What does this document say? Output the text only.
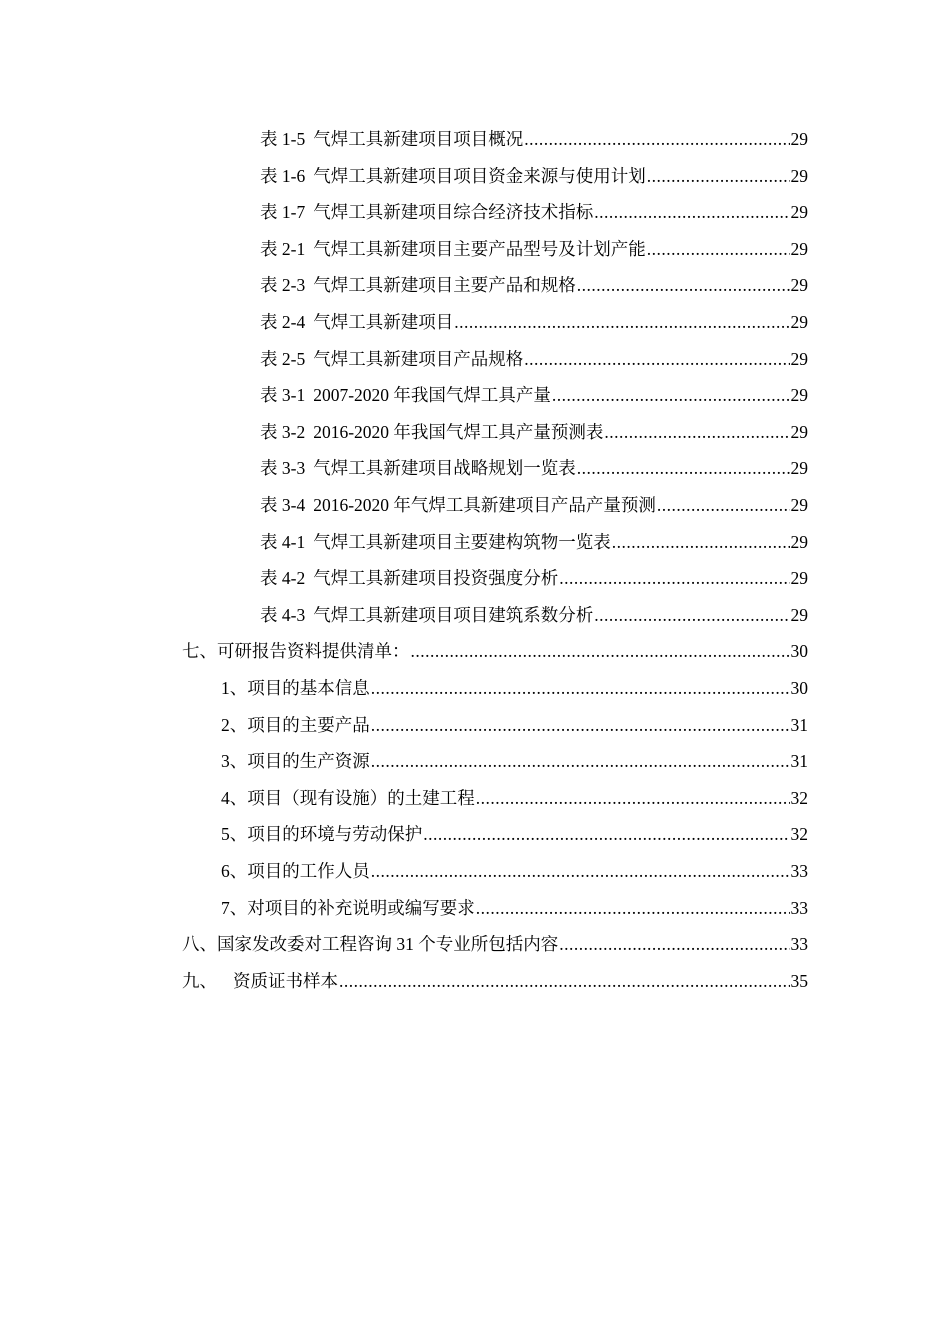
表 1-5 气焊工具新建项目项目概况 .....	29
表 1-6 气焊工具新建项目项目资金来源与使用计划 .....	29
表 1-7 气焊工具新建项目综合经济技术指标 .....	29
表 2-1 气焊工具新建项目主要产品型号及计划产能 .....	29
表 2-3 气焊工具新建项目主要产品和规格 .....	29
表 2-4 气焊工具新建项目 .....	29
表 2-5 气焊工具新建项目产品规格 .....	29
表 3-1 2007-2020 年我国气焊工具产量 .....	29
表 3-2 2016-2020 年我国气焊工具产量预测表 .....	29
表 3-3 气焊工具新建项目战略规划一览表 .....	29
表 3-4 2016-2020 年气焊工具新建项目产品产量预测 .....	29
表 4-1 气焊工具新建项目主要建构筑物一览表 .....	29
表 4-2 气焊工具新建项目投资强度分析 .....	29
表 4-3 气焊工具新建项目项目建筑系数分析 .....	29
七、可研报告资料提供清单： .....	30
1、项目的基本信息 .....	30
2、项目的主要产品 .....	31
3、项目的生产资源 .....	31
4、项目（现有设施）的土建工程 .....	32
5、项目的环境与劳动保护 .....	32
6、项目的工作人员 .....	33
7、对项目的补充说明或编写要求 .....	33
八、国家发改委对工程咨询 31 个专业所包括内容 .....	33
九、 资质证书样本 .....	35
